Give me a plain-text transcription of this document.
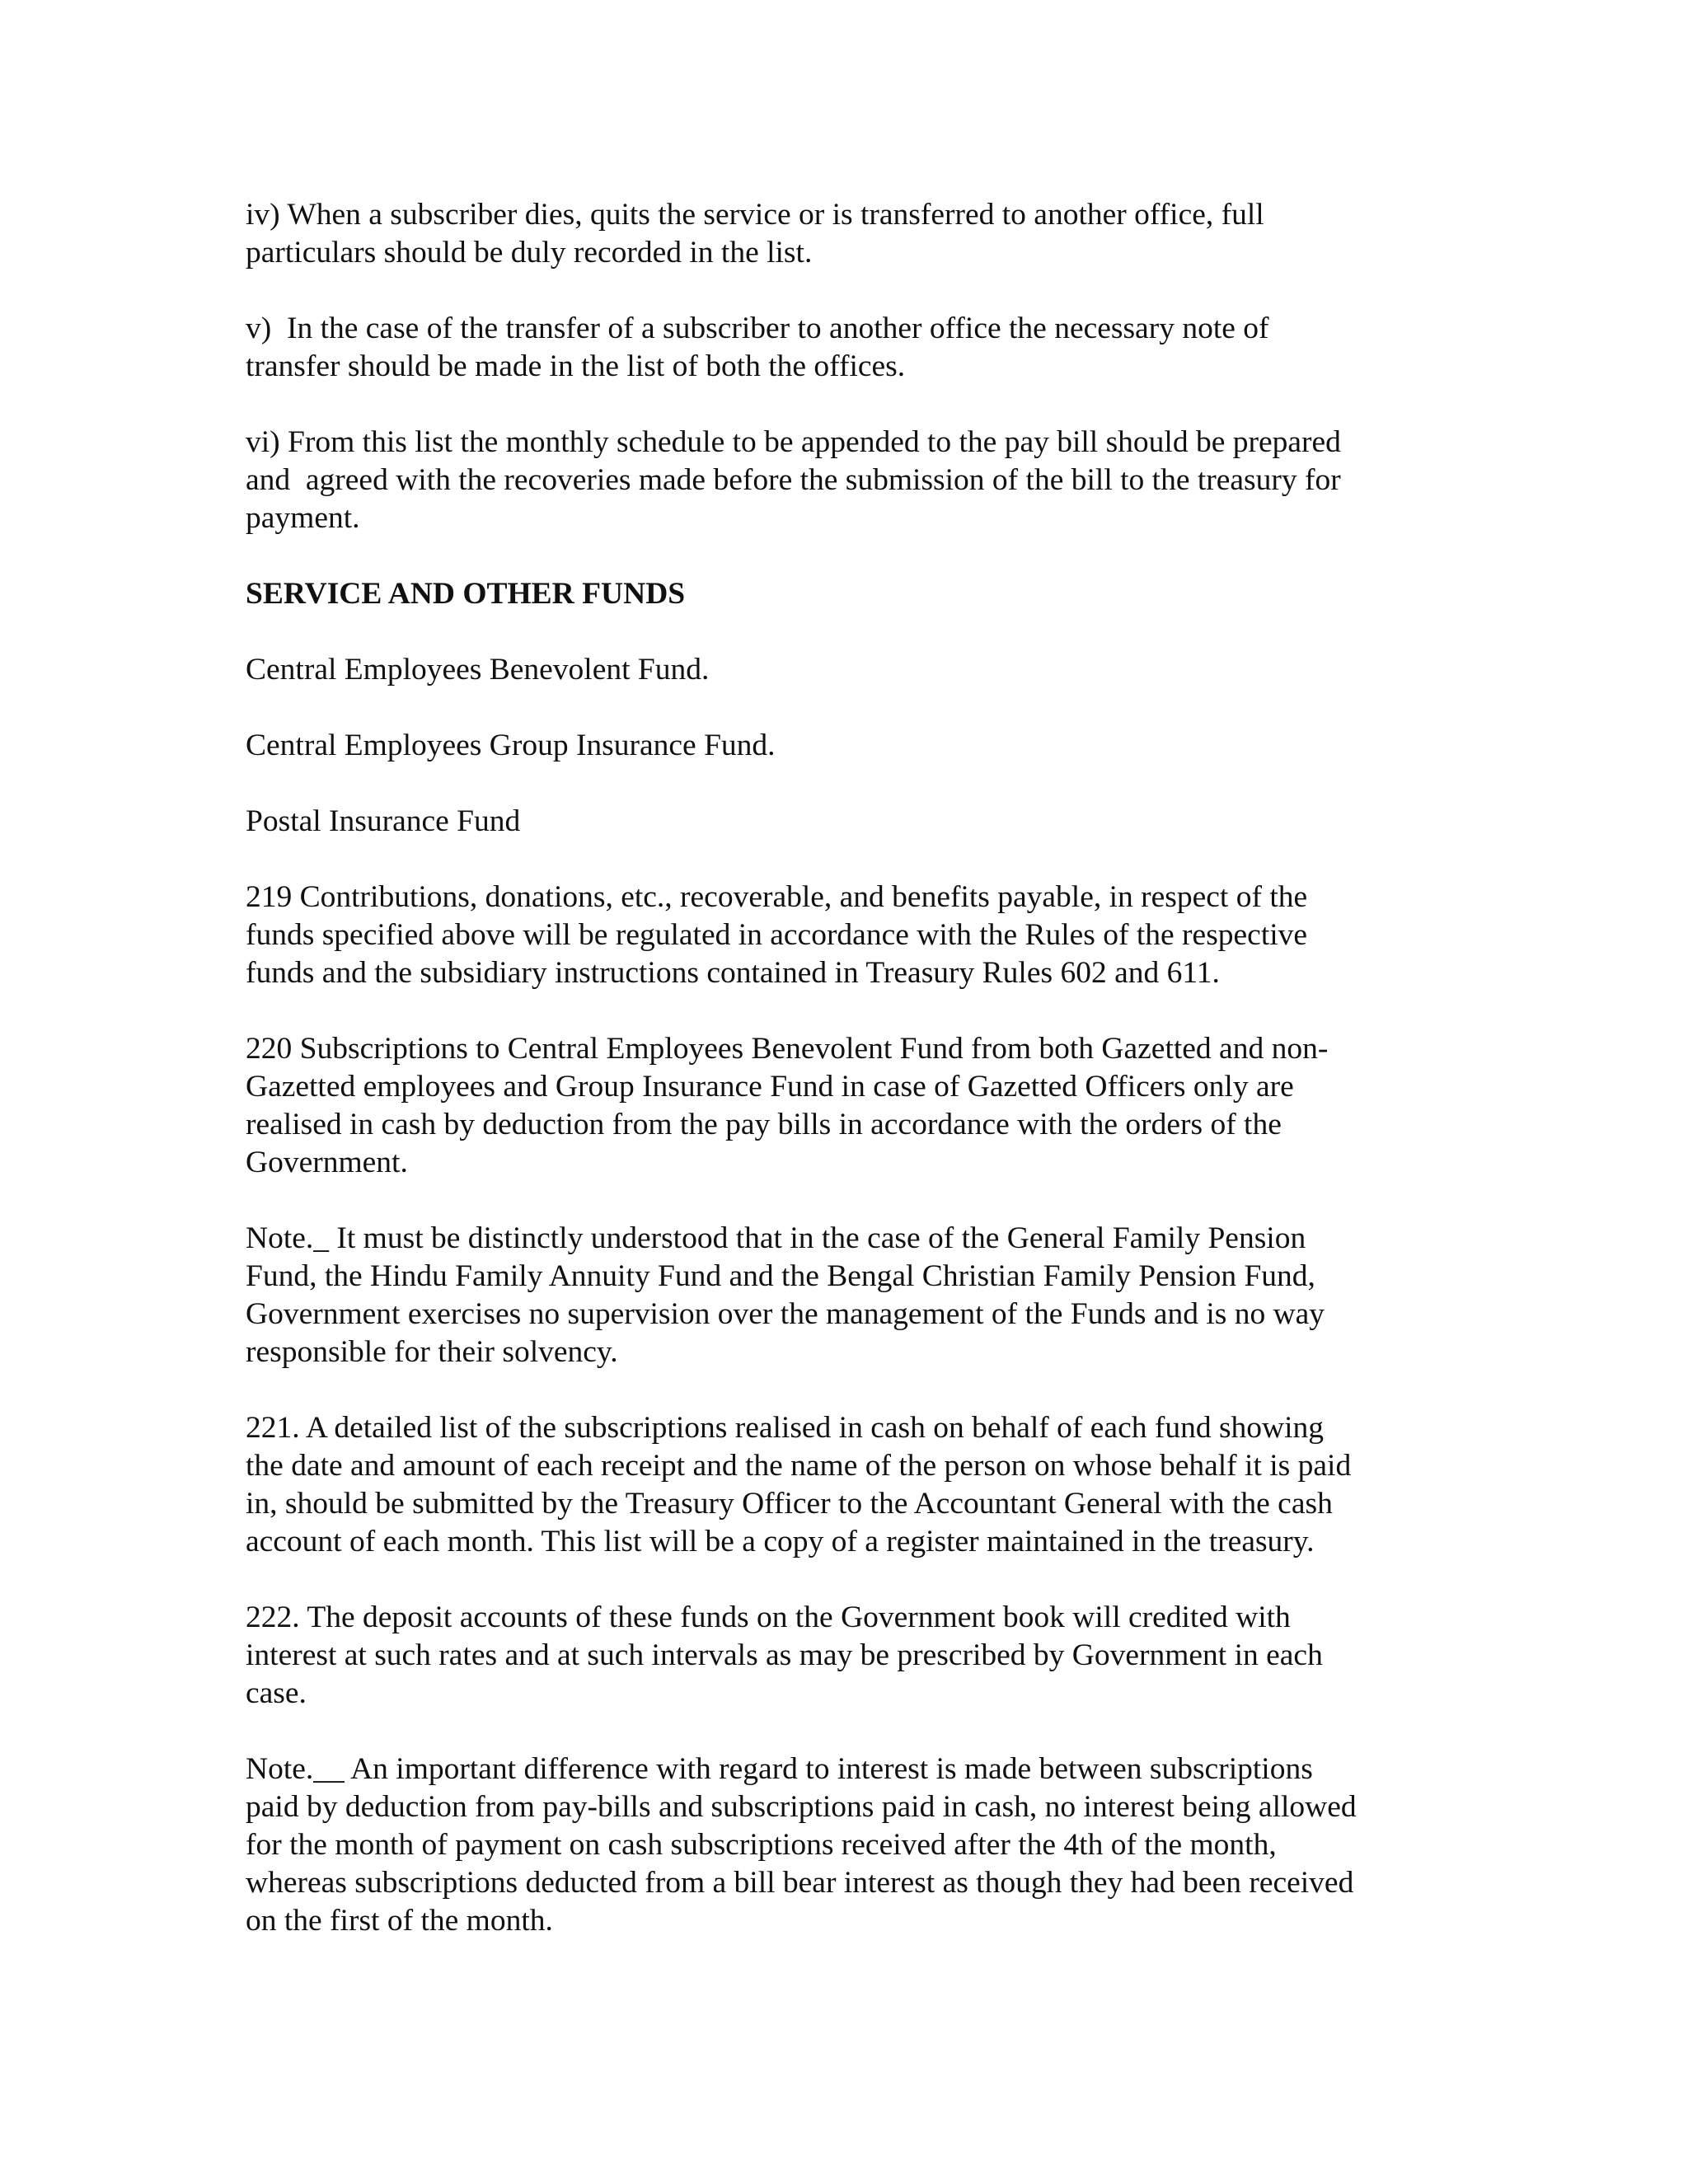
iv) When a subscriber dies, quits the service or is transferred to another office, full
particulars should be duly recorded in the list.
v)  In the case of the transfer of a subscriber to another office the necessary note of
transfer should be made in the list of both the offices.
vi) From this list the monthly schedule to be appended to the pay bill should be prepared
and  agreed with the recoveries made before the submission of the bill to the treasury for
payment.
SERVICE AND OTHER FUNDS
Central Employees Benevolent Fund.
Central Employees Group Insurance Fund.
Postal Insurance Fund
219 Contributions, donations, etc., recoverable, and benefits payable, in respect of the
funds specified above will be regulated in accordance with the Rules of the respective
funds and the subsidiary instructions contained in Treasury Rules 602 and 611.
220 Subscriptions to Central Employees Benevolent Fund from both Gazetted and non-
Gazetted employees and Group Insurance Fund in case of Gazetted Officers only are
realised in cash by deduction from the pay bills in accordance with the orders of the
Government.
Note._ It must be distinctly understood that in the case of the General Family Pension
Fund, the Hindu Family Annuity Fund and the Bengal Christian Family Pension Fund,
Government exercises no supervision over the management of the Funds and is no way
responsible for their solvency.
221. A detailed list of the subscriptions realised in cash on behalf of each fund showing
the date and amount of each receipt and the name of the person on whose behalf it is paid
in, should be submitted by the Treasury Officer to the Accountant General with the cash
account of each month. This list will be a copy of a register maintained in the treasury.
222. The deposit accounts of these funds on the Government book will credited with
interest at such rates and at such intervals as may be prescribed by Government in each
case.
Note.__ An important difference with regard to interest is made between subscriptions
paid by deduction from pay-bills and subscriptions paid in cash, no interest being allowed
for the month of payment on cash subscriptions received after the 4th of the month,
whereas subscriptions deducted from a bill bear interest as though they had been received
on the first of the month.
